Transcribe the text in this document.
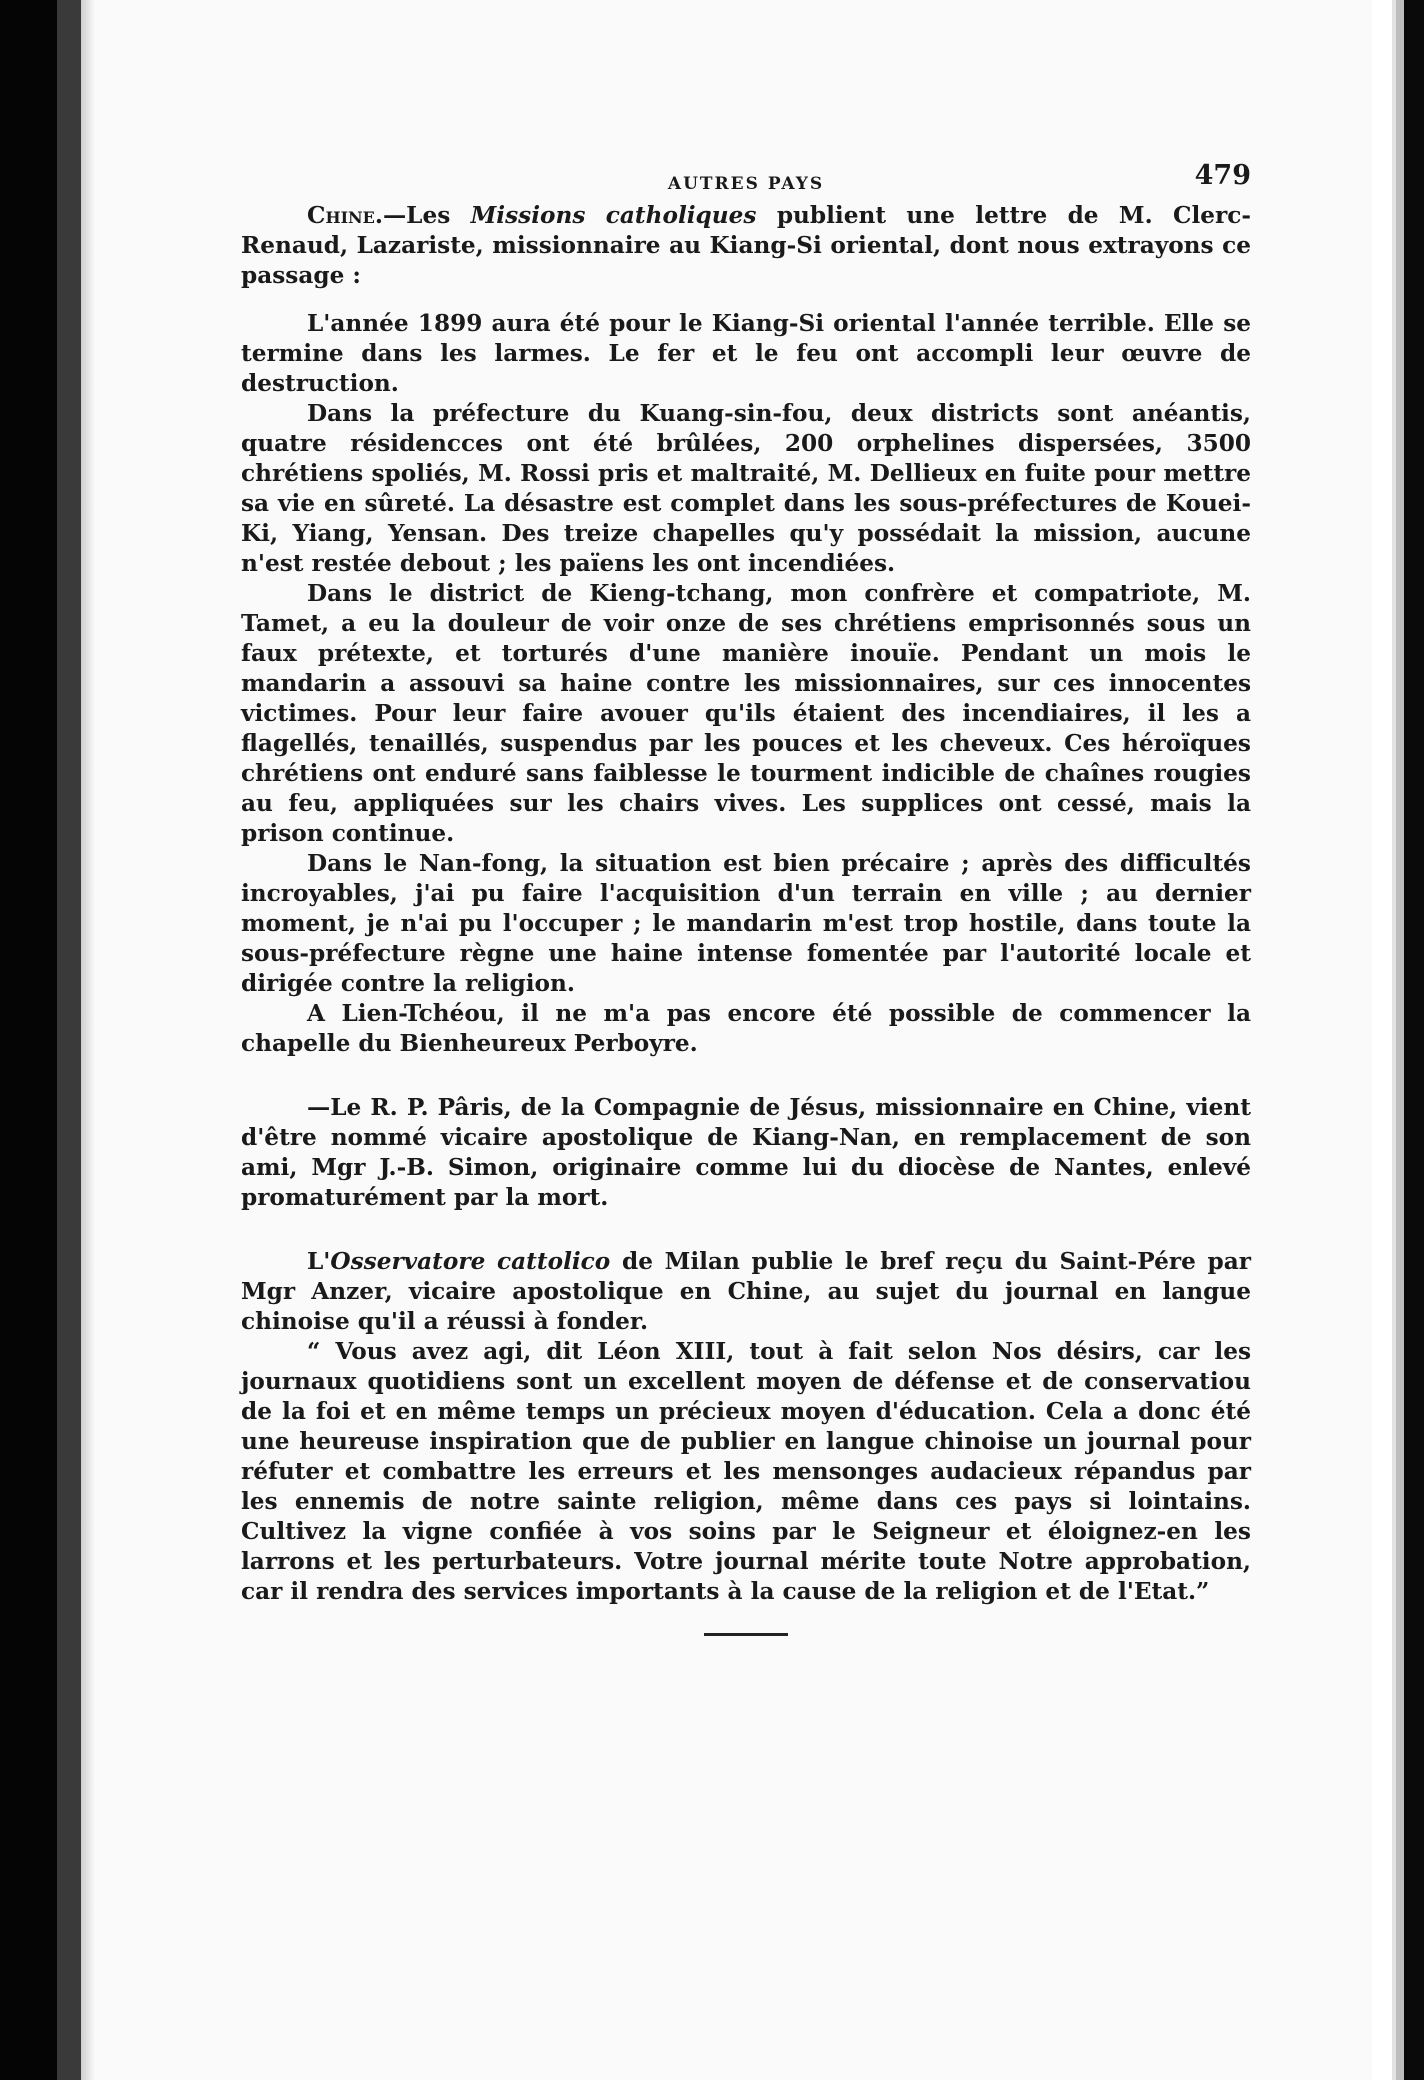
AUTRES PAYS	479

Chine.—Les Missions catholiques publient une lettre de M. Clerc-Renaud, Lazariste, missionnaire au Kiang-Si oriental, dont nous extrayons ce passage :

L'année 1899 aura été pour le Kiang-Si oriental l'année terrible. Elle se termine dans les larmes. Le fer et le feu ont accompli leur œuvre de destruction.

Dans la préfecture du Kuang-sin-fou, deux districts sont anéantis, quatre résidencces ont été brûlées, 200 orphelines dispersées, 3500 chrétiens spoliés, M. Rossi pris et maltraité, M. Dellieux en fuite pour mettre sa vie en sûreté. La désastre est complet dans les sous-préfectures de Kouei-Ki, Yiang, Yensan. Des treize chapelles qu'y possédait la mission, aucune n'est restée debout ; les païens les ont incendiées.

Dans le district de Kieng-tchang, mon confrère et compatriote, M. Tamet, a eu la douleur de voir onze de ses chrétiens emprisonnés sous un faux prétexte, et torturés d'une manière inouïe. Pendant un mois le mandarin a assouvi sa haine contre les missionnaires, sur ces innocentes victimes. Pour leur faire avouer qu'ils étaient des incendiaires, il les a flagellés, tenaillés, suspendus par les pouces et les cheveux. Ces héroïques chrétiens ont enduré sans faiblesse le tourment indicible de chaînes rougies au feu, appliquées sur les chairs vives. Les supplices ont cessé, mais la prison continue.

Dans le Nan-fong, la situation est bien précaire ; après des difficultés incroyables, j'ai pu faire l'acquisition d'un terrain en ville ; au dernier moment, je n'ai pu l'occuper ; le mandarin m'est trop hostile, dans toute la sous-préfecture règne une haine intense fomentée par l'autorité locale et dirigée contre la religion.

A Lien-Tchéou, il ne m'a pas encore été possible de commencer la chapelle du Bienheureux Perboyre.

—Le R. P. Pâris, de la Compagnie de Jésus, missionnaire en Chine, vient d'être nommé vicaire apostolique de Kiang-Nan, en remplacement de son ami, Mgr J.-B. Simon, originaire comme lui du diocèse de Nantes, enlevé promaturément par la mort.

L'Osservatore cattolico de Milan publie le bref reçu du Saint-Pére par Mgr Anzer, vicaire apostolique en Chine, au sujet du journal en langue chinoise qu'il a réussi à fonder.

“ Vous avez agi, dit Léon XIII, tout à fait selon Nos désirs, car les journaux quotidiens sont un excellent moyen de défense et de conservatiou de la foi et en même temps un précieux moyen d'éducation. Cela a donc été une heureuse inspiration que de publier en langue chinoise un journal pour réfuter et combattre les erreurs et les mensonges audacieux répandus par les ennemis de notre sainte religion, même dans ces pays si lointains. Cultivez la vigne confiée à vos soins par le Seigneur et éloignez-en les larrons et les perturbateurs. Votre journal mérite toute Notre approbation, car il rendra des services importants à la cause de la religion et de l'Etat.”
